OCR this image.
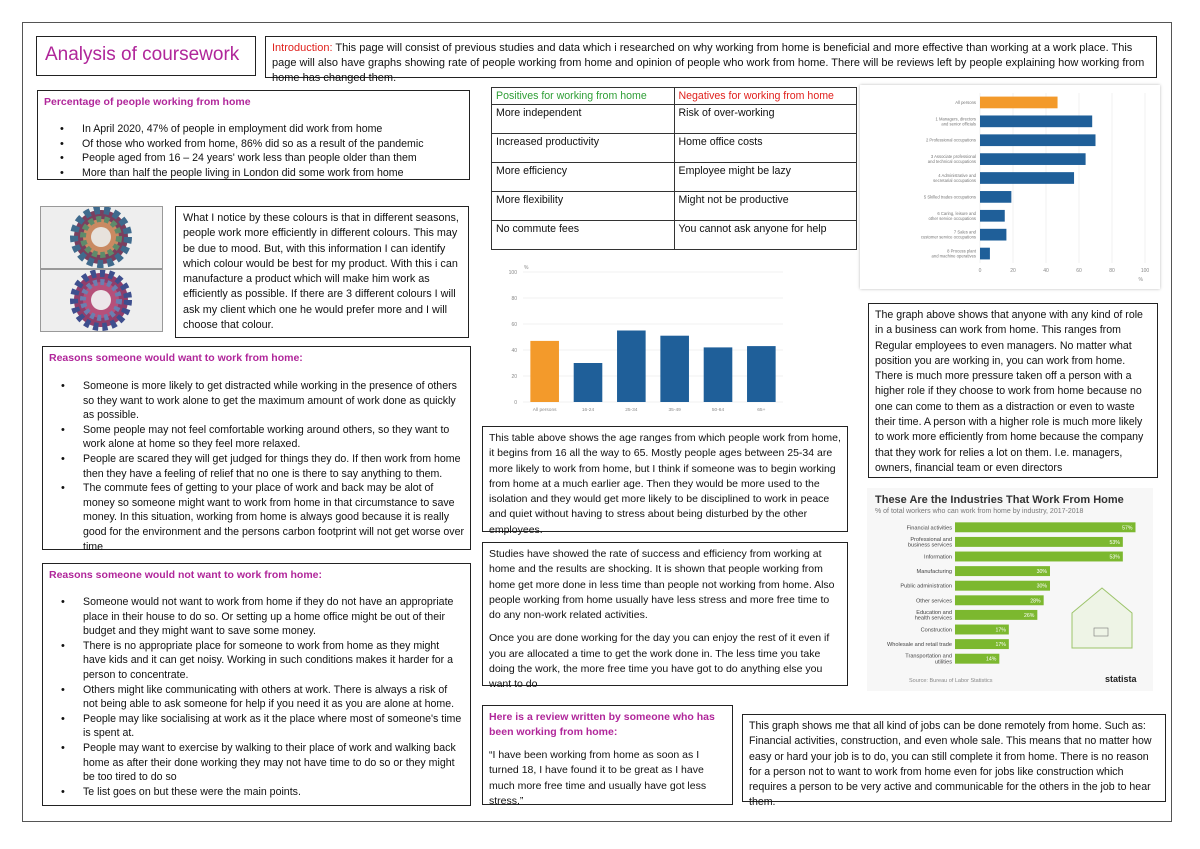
Analysis of coursework	Introduction: This page will consist of previous studies and data which i researched on why working from home is beneficial and more effective than working at a work place. This page will also have graphs showing rate of people working from home and opinion of people who work from home. There will be reviews left by people explaining how working from home has changed them.
Percentage of people working from home
• In April 2020, 47% of people in employment did work from home
• Of those who worked from home, 86% did so as a result of the pandemic
• People aged from 16 – 24 years' work less than people older than them
• More than half the people living in London did some work from home

What I notice by these colours is that in different seasons, people work more efficiently in different colours. This may be due to mood. But, with this information I can identify which colour would be best for my product. With this i can manufacture a product which will make him work as efficiently as possible. If there are 3 different colours I will ask my client which one he would prefer more and I will choose that colour.

Reasons someone would want to work from home:
• Someone is more likely to get distracted while working in the presence of others so they want to work alone to get the maximum amount of work done as quickly as possible.
• Some people may not feel comfortable working around others, so they want to work alone at home so they feel more relaxed.
• People are scared they will get judged for things they do. If then work from home then they have a feeling of relief that no one is there to say anything to them.
• The commute fees of getting to your place of work and back may be alot of money so someone might want to work from home in that circumstance to save money. In this situation, working from home is always good because it is really good for the environment and the persons carbon footprint will not get worse over time
Reasons someone would not want to work from home:
• Someone would not want to work from home if they do not have an appropriate place in their house to do so. Or setting up a home office might be out of their budget and they might want to save some money.
• There is no appropriate place for someone to work from home as they might have kids and it can get noisy. Working in such conditions makes it harder for a person to concentrate.
• Others might like communicating with others at work. There is always a risk of not being able to ask someone for help if you need it as you are alone at home.
• People may like socialising at work as it the place where most of someone's time is spent at.
• People may want to exercise by walking to their place of work and walking back home as after their done working they may not have time to do so or they might be too tired to do so
• Te list goes on but these were the main points.
Positives for working from home	Negatives for working from home
More independent	Risk of over-working
Increased productivity	Home office costs
More efficiency	Employee might be lazy
More flexibility	Might not be productive
No commute fees	You cannot ask anyone for help
0
20
40
60
80
100
%
All persons	16-24	25-34	35-49	50-64	65+
0	20	40	60	80	100
%
All persons
1 Managers, directors and senior officials
2 Professional occupations
3 Associate professional and technical occupations
4 Administrative and secretarial occupations
5 Skilled trades occupations
6 Caring, leisure and other service occupations
7 Sales and customer service occupations
8 Process plant and machine operatives

This table above shows the age ranges from which people work from home, it begins from 16 all the way to 65. Mostly people ages between 25-34 are more likely to work from home, but I think if someone was to begin working from home at a much earlier age. Then they would be more used to the isolation and they would get more likely to be disciplined to work in peace and quiet without having to stress about being disturbed by the other employees.

Studies have showed the rate of success and efficiency from working at home and the results are shocking. It is shown that people working from home get more done in less time than people not working from home. Also people working from home usually have less stress and more free time to do any non-work related activities.

Once you are done working for the day you can enjoy the rest of it even if you are allocated a time to get the work done in. The less time you take doing the work, the more free time you have got to do anything else you want to do

Here is a review written by someone who has been working from home:

“I have been working from home as soon as I turned 18, I have found it to be great as I have much more free time and usually have got less stress.”

The graph above shows that anyone with any kind of role in a business can work from home. This ranges from Regular employees to even managers. No matter what position you are working in, you can work from home. There is much more pressure taken off a person with a higher role if they choose to work from home because no one can come to them as a distraction or even to waste their time. A person with a higher role is much more likely to work more efficiently from home because the company that they work for relies a lot on them. I.e. managers, owners, financial team or even directors

These Are the Industries That Work From Home
% of total workers who can work from home by industry, 2017-2018
57%
Financial activities
53%
Professional and business services
53%
Information
30%
Manufacturing
30%
Public administration
28%
Other services
26%
Education and health services
17%
Construction
17%
Wholesale and retail trade
14%
Transportation and utilities
Source: Bureau of Labor Statistics	statista

This graph shows me that all kind of jobs can be done remotely from home. Such as: Financial activities, construction, and even whole sale. This means that no matter how easy or hard your job is to do, you can still complete it from home. There is no reason for a person not to want to work from home even for jobs like construction which requires a person to be very active and communicable for the others in the job to hear them.
